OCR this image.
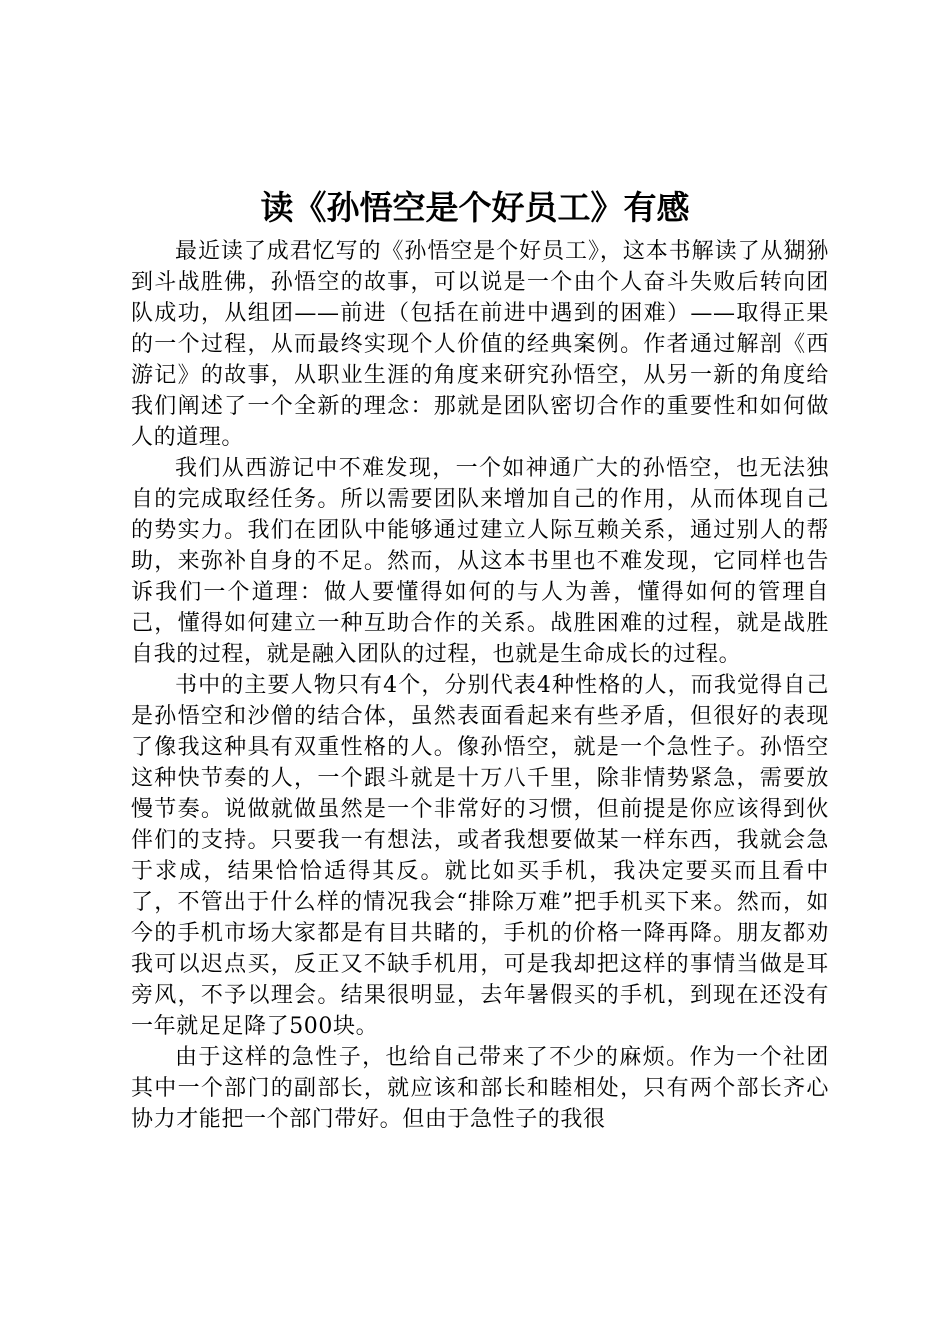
读《孙悟空是个好员工》有感

最近读了成君忆写的《孙悟空是个好员工》，这本书解读了从猢狲到斗战胜佛，孙悟空的故事，可以说是一个由个人奋斗失败后转向团队成功，从组团——前进（包括在前进中遇到的困难）——取得正果的一个过程，从而最终实现个人价值的经典案例。作者通过解剖《西游记》的故事，从职业生涯的角度来研究孙悟空，从另一新的角度给我们阐述了一个全新的理念：那就是团队密切合作的重要性和如何做人的道理。

我们从西游记中不难发现，一个如神通广大的孙悟空，也无法独自的完成取经任务。所以需要团队来增加自己的作用，从而体现自己的势实力。我们在团队中能够通过建立人际互赖关系，通过别人的帮助，来弥补自身的不足。然而，从这本书里也不难发现，它同样也告诉我们一个道理：做人要懂得如何的与人为善，懂得如何的管理自己，懂得如何建立一种互助合作的关系。战胜困难的过程，就是战胜自我的过程，就是融入团队的过程，也就是生命成长的过程。

书中的主要人物只有4个，分别代表4种性格的人，而我觉得自己是孙悟空和沙僧的结合体，虽然表面看起来有些矛盾，但很好的表现了像我这种具有双重性格的人。像孙悟空，就是一个急性子。孙悟空这种快节奏的人，一个跟斗就是十万八千里，除非情势紧急，需要放慢节奏。说做就做虽然是一个非常好的习惯，但前提是你应该得到伙伴们的支持。只要我一有想法，或者我想要做某一样东西，我就会急于求成，结果恰恰适得其反。就比如买手机，我决定要买而且看中了，不管出于什么样的情况我会“排除万难”把手机买下来。然而，如今的手机市场大家都是有目共睹的，手机的价格一降再降。朋友都劝我可以迟点买，反正又不缺手机用，可是我却把这样的事情当做是耳旁风，不予以理会。结果很明显，去年暑假买的手机，到现在还没有一年就足足降了500块。

由于这样的急性子，也给自己带来了不少的麻烦。作为一个社团其中一个部门的副部长，就应该和部长和睦相处，只有两个部长齐心协力才能把一个部门带好。但由于急性子的我很
